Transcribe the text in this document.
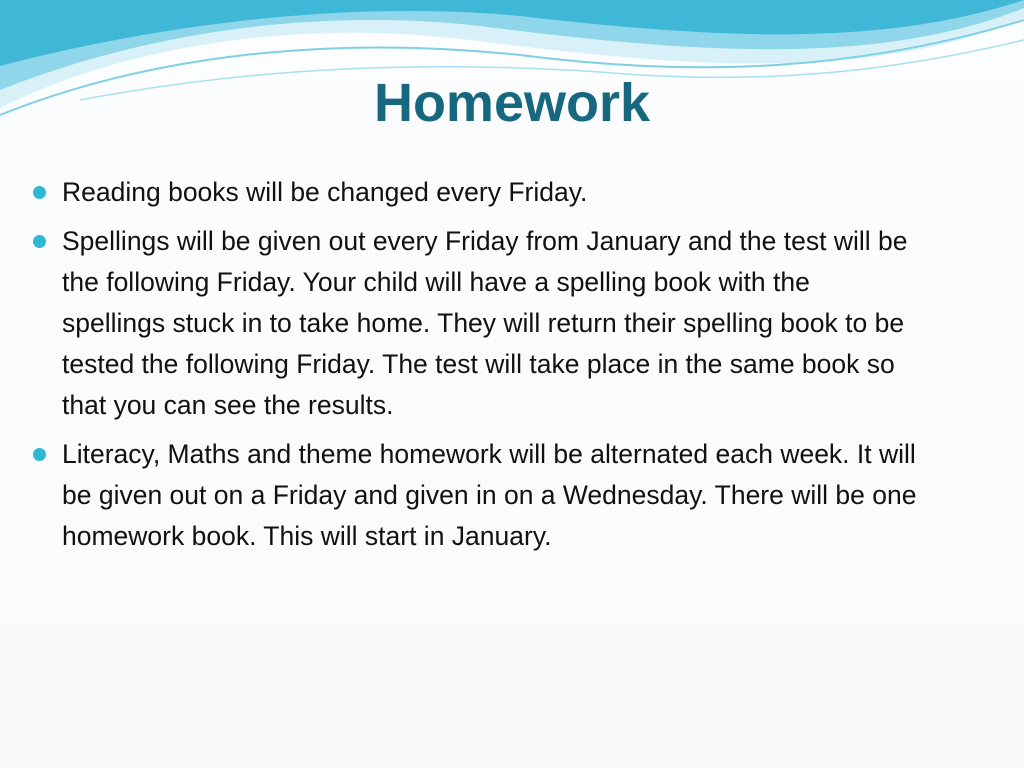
Homework
Reading books will be changed every Friday.
Spellings will be given out every Friday from January and the test will be the following Friday. Your child will have a spelling book with the spellings stuck in to take home. They will return their spelling book to be tested the following Friday. The test will take place in the same book so that you can see the results.
Literacy, Maths and theme homework will be alternated each week. It will be given out on a Friday and given in on a Wednesday. There will be one homework book. This will start in January.
